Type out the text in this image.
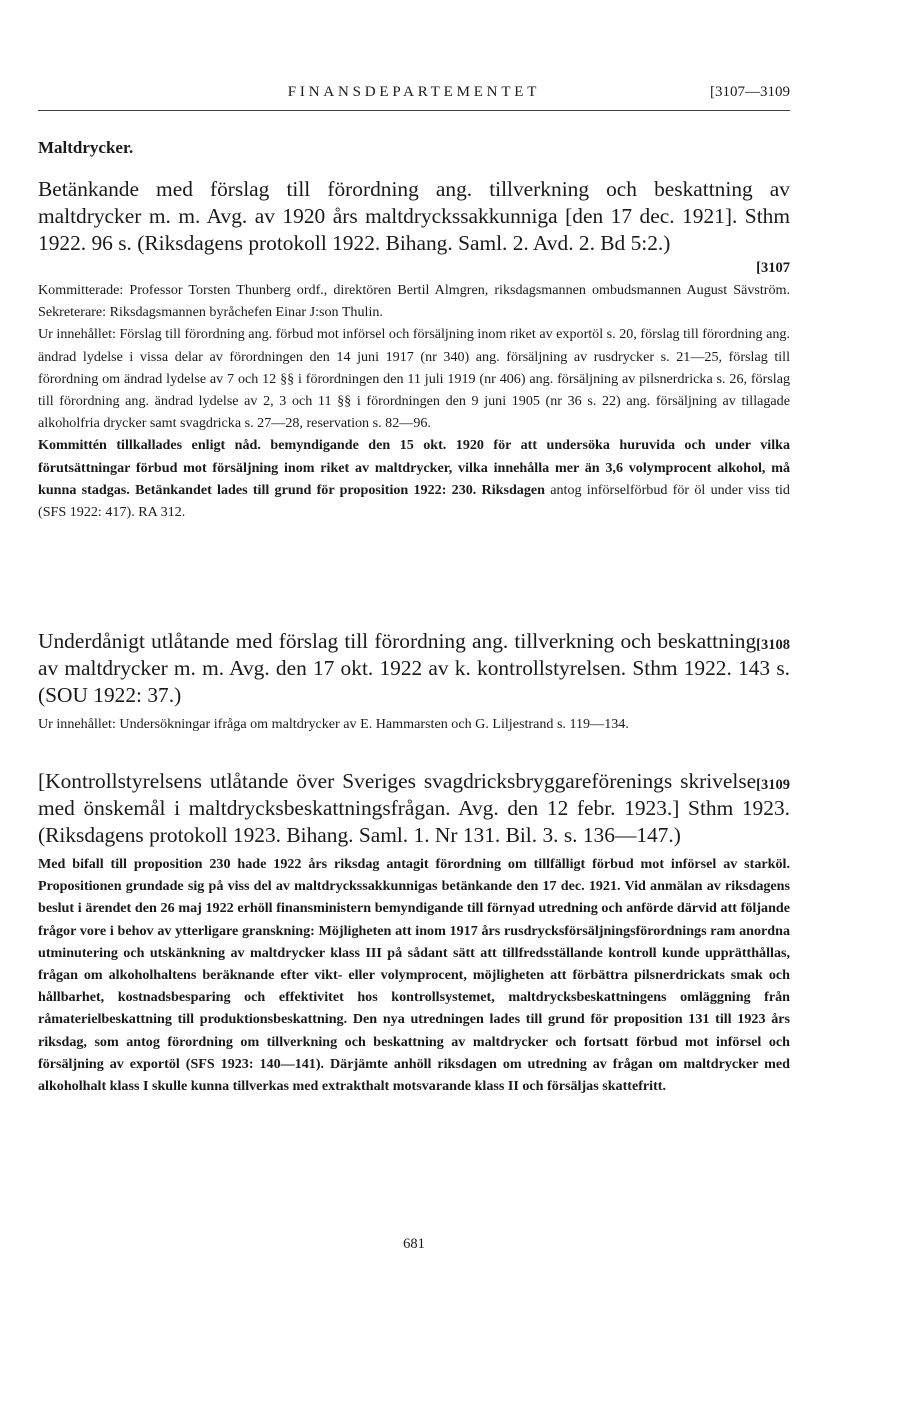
FINANSDEPARTEMENTET	[3107—3109
Maltdrycker.
Betänkande med förslag till förordning ang. tillverkning och beskattning av maltdrycker m. m. Avg. av 1920 års maltdryckssakkunniga [den 17 dec. 1921]. Sthm 1922. 96 s. (Riksdagens protokoll 1922. Bihang. Saml. 2. Avd. 2. Bd 5:2.)
[3107
Kommitterade: Professor Torsten Thunberg ordf., direktören Bertil Almgren, riksdagsmannen ombudsmannen August Sävström. Sekreterare: Riksdagsmannen byråchefen Einar J:son Thulin.
Ur innehållet: Förslag till förordning ang. förbud mot införsel och försäljning inom riket av exportöl s. 20, förslag till förordning ang. ändrad lydelse i vissa delar av förordningen den 14 juni 1917 (nr 340) ang. försäljning av rusdrycker s. 21—25, förslag till förordning om ändrad lydelse av 7 och 12 §§ i förordningen den 11 juli 1919 (nr 406) ang. försäljning av pilsnerdricka s. 26, förslag till förordning ang. ändrad lydelse av 2, 3 och 11 §§ i förordningen den 9 juni 1905 (nr 36 s. 22) ang. försäljning av tillagade alkoholfria drycker samt svagdricka s. 27—28, reservation s. 82—96.
Kommittén tillkallades enligt nåd. bemyndigande den 15 okt. 1920 för att undersöka huruvida och under vilka förutsättningar förbud mot försäljning inom riket av maltdrycker, vilka innehålla mer än 3,6 volymprocent alkohol, må kunna stadgas. Betänkandet lades till grund för proposition 1922: 230. Riksdagen antog införselförbud för öl under viss tid (SFS 1922: 417). RA 312.
[3108
Underdånigt utlåtande med förslag till förordning ang. tillverkning och beskattning av maltdrycker m. m. Avg. den 17 okt. 1922 av k. kontrollstyrelsen. Sthm 1922. 143 s. (SOU 1922: 37.)
Ur innehållet: Undersökningar ifråga om maltdrycker av E. Hammarsten och G. Liljestrand s. 119—134.
[3109
[Kontrollstyrelsens utlåtande över Sveriges svagdricksbryggareförenings skrivelse med önskemål i maltdrycksbeskattningsfrågan. Avg. den 12 febr. 1923.] Sthm 1923. (Riksdagens protokoll 1923. Bihang. Saml. 1. Nr 131. Bil. 3. s. 136—147.)
Med bifall till proposition 230 hade 1922 års riksdag antagit förordning om tillfälligt förbud mot införsel av starköl. Propositionen grundade sig på viss del av maltdryckssakkunnigas betänkande den 17 dec. 1921. Vid anmälan av riksdagens beslut i ärendet den 26 maj 1922 erhöll finansministern bemyndigande till förnyad utredning och anförde därvid att följande frågor vore i behov av ytterligare granskning: Möjligheten att inom 1917 års rusdrycksförsäljningsförordnings ram anordna utminutering och utskänkning av maltdrycker klass III på sådant sätt att tillfredsställande kontroll kunde upprätthållas, frågan om alkoholhaltens beräknande efter vikt- eller volymprocent, möjligheten att förbättra pilsnerdrickats smak och hållbarhet, kostnadsbesparing och effektivitet hos kontrollsystemet, maltdrycksbeskattningens omläggning från råmaterielbeskattning till produktionsbeskattning. Den nya utredningen lades till grund för proposition 131 till 1923 års riksdag, som antog förordning om tillverkning och beskattning av maltdrycker och fortsatt förbud mot införsel och försäljning av exportöl (SFS 1923: 140—141). Därjämte anhöll riksdagen om utredning av frågan om maltdrycker med alkoholhalt klass I skulle kunna tillverkas med extrakthalt motsvarande klass II och försäljas skattefritt.
681
